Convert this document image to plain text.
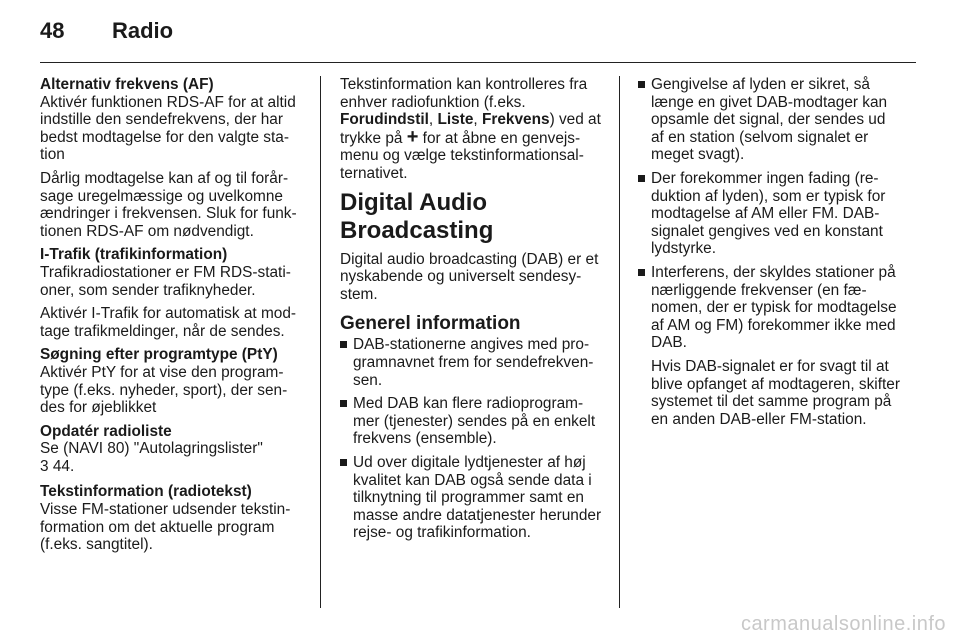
48 Radio

Alternativ frekvens (AF)

Aktivér funktionen RDS-AF for at altid indstille den sendefrekvens, der har bedst modtagelse for den valgte station

Dårlig modtagelse kan af og til forårsage uregelmæssige og uvelkomne ændringer i frekvensen. Sluk for funktionen RDS-AF om nødvendigt.

I-Trafik (trafikinformation)

Trafikradiostationer er FM RDS-stationer, som sender trafiknyheder.

Aktivér I-Trafik for automatisk at modtage trafikmeldinger, når de sendes.

Søgning efter programtype (PtY)

Aktivér PtY for at vise den programtype (f.eks. nyheder, sport), der sendes for øjeblikket

Opdatér radioliste

Se (NAVI 80) "Autolagringslister"
3 44.

Tekstinformation (radiotekst)

Visse FM-stationer udsender tekstinformation om det aktuelle program (f.eks. sangtitel).

Tekstinformation kan kontrolleres fra enhver radiofunktion (f.eks.
Forudindstil, Liste, Frekvens) ved at trykke på + for at åbne en genvejsmenu og vælge tekstinformationsalternativet.

Digital Audio Broadcasting

Digital audio broadcasting (DAB) er et nyskabende og universelt sendesystem.

Generel information

DAB-stationerne angives med programnavnet frem for sendefrekvensen.
Med DAB kan flere radioprogrammer (tjenester) sendes på en enkelt frekvens (ensemble).
Ud over digitale lydtjenester af høj kvalitet kan DAB også sende data i tilknytning til programmer samt en masse andre datatjenester herunder rejse- og trafikinformation.
Gengivelse af lyden er sikret, så længe en givet DAB-modtager kan opsamle det signal, der sendes ud af en station (selvom signalet er meget svagt).
Der forekommer ingen fading (reduktion af lyden), som er typisk for modtagelse af AM eller FM. DAB-signalet gengives ved en konstant lydstyrke.
Interferens, der skyldes stationer på nærliggende frekvenser (en fænomen, der er typisk for modtagelse af AM og FM) forekommer ikke med DAB.

Hvis DAB-signalet er for svagt til at blive opfanget af modtageren, skifter systemet til det samme program på en anden DAB-eller FM-station.

carmanualsonline.info
